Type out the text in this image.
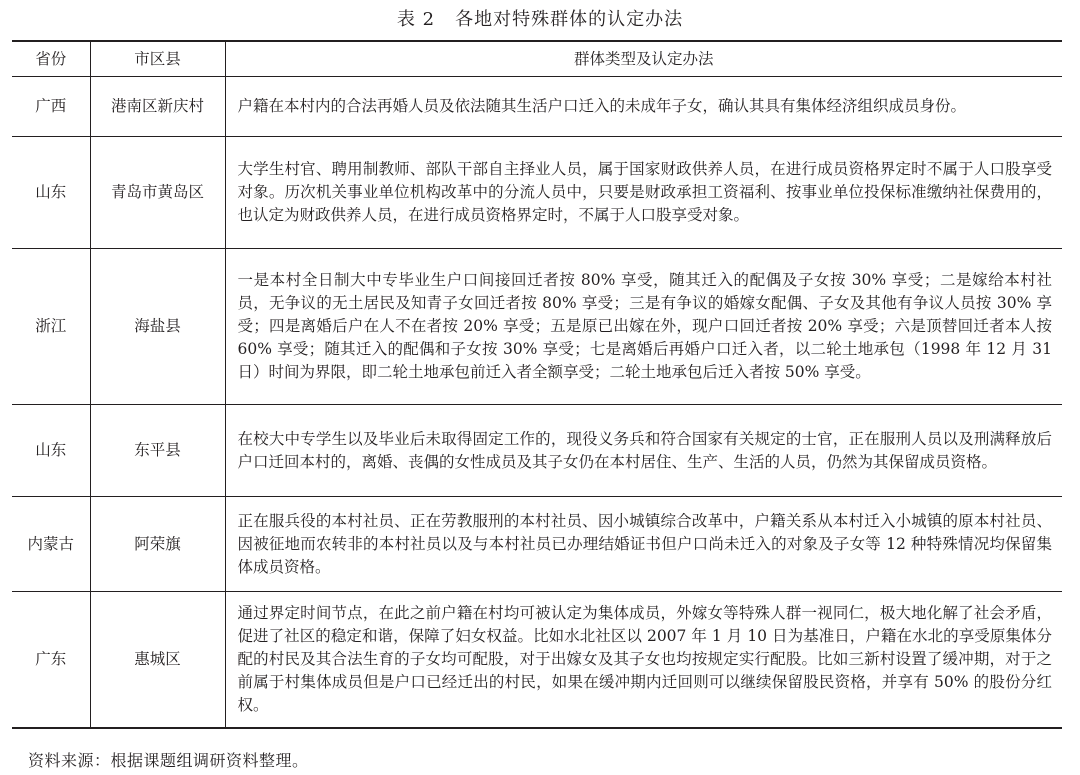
表 2 各地对特殊群体的认定办法
省份	市区县	群体类型及认定办法
广西	港南区新庆村	户籍在本村内的合法再婚人员及依法随其生活户口迁入的未成年子女，确认其具有集体经济组织成员身份。
山东	青岛市黄岛区	大学生村官、聘用制教师、部队干部自主择业人员，属于国家财政供养人员，在进行成员资格界定时不属于人口股享受对象。历次机关事业单位机构改革中的分流人员中，只要是财政承担工资福利、按事业单位投保标准缴纳社保费用的，也认定为财政供养人员，在进行成员资格界定时，不属于人口股享受对象。
浙江	海盐县	一是本村全日制大中专毕业生户口间接回迁者按 80% 享受，随其迁入的配偶及子女按 30% 享受；二是嫁给本村社员，无争议的无土居民及知青子女回迁者按 80% 享受；三是有争议的婚嫁女配偶、子女及其他有争议人员按 30% 享受；四是离婚后户在人不在者按 20% 享受；五是原已出嫁在外，现户口回迁者按 20% 享受；六是顶替回迁者本人按 60% 享受；随其迁入的配偶和子女按 30% 享受；七是离婚后再婚户口迁入者，以二轮土地承包（1998 年 12 月 31 日）时间为界限，即二轮土地承包前迁入者全额享受；二轮土地承包后迁入者按 50% 享受。
山东	东平县	在校大中专学生以及毕业后未取得固定工作的，现役义务兵和符合国家有关规定的士官，正在服刑人员以及刑满释放后户口迁回本村的，离婚、丧偶的女性成员及其子女仍在本村居住、生产、生活的人员，仍然为其保留成员资格。
内蒙古	阿荣旗	正在服兵役的本村社员、正在劳教服刑的本村社员、因小城镇综合改革中，户籍关系从本村迁入小城镇的原本村社员、因被征地而农转非的本村社员以及与本村社员已办理结婚证书但户口尚未迁入的对象及子女等 12 种特殊情况均保留集体成员资格。
广东	惠城区	通过界定时间节点，在此之前户籍在村均可被认定为集体成员，外嫁女等特殊人群一视同仁，极大地化解了社会矛盾，促进了社区的稳定和谐，保障了妇女权益。比如水北社区以 2007 年 1 月 10 日为基准日，户籍在水北的享受原集体分配的村民及其合法生育的子女均可配股，对于出嫁女及其子女也均按规定实行配股。比如三新村设置了缓冲期，对于之前属于村集体成员但是户口已经迁出的村民，如果在缓冲期内迁回则可以继续保留股民资格，并享有 50% 的股份分红权。
资料来源：根据课题组调研资料整理。
